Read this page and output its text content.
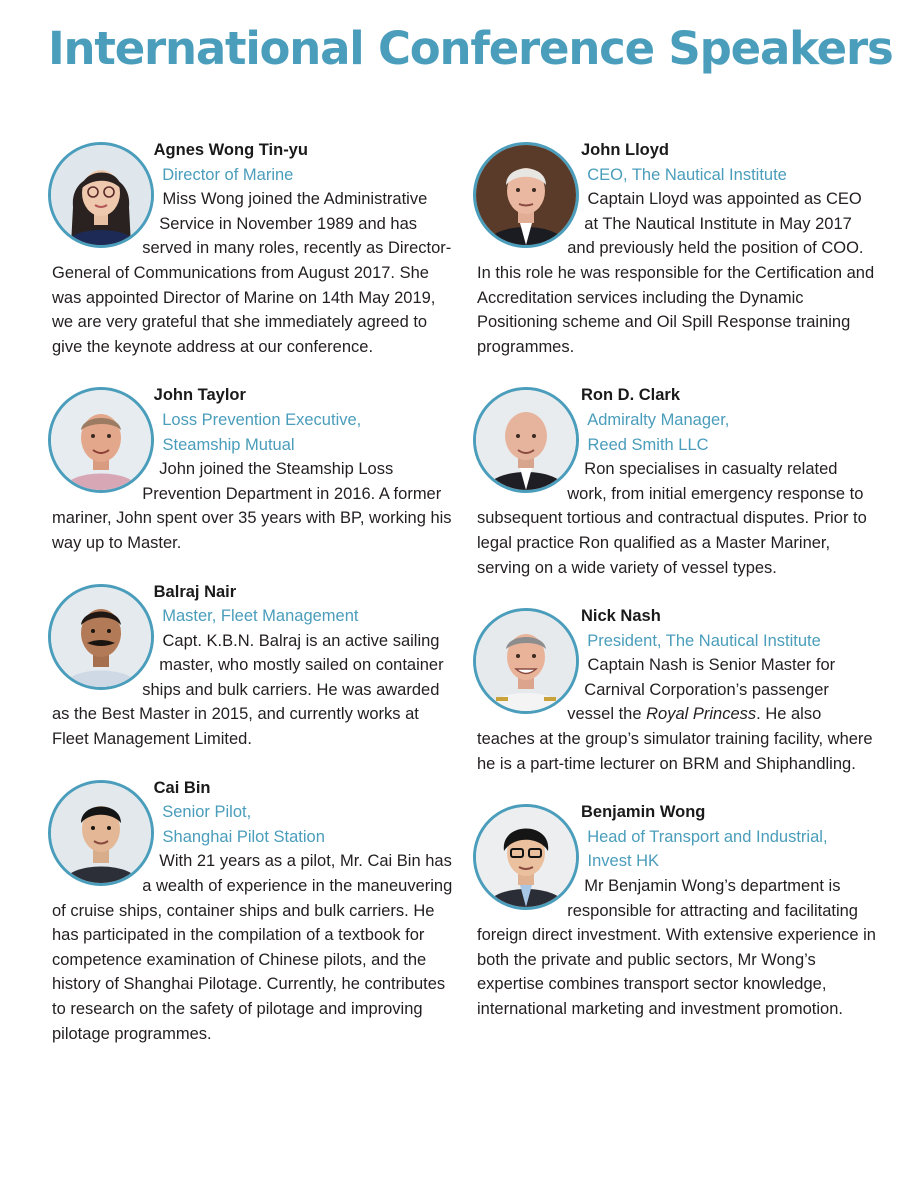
International Conference Speakers

Agnes Wong Tin-yu

Director of Marine

Miss Wong joined the Administrative Service in November 1989 and has served in many roles, recently as Director-General of Communications from August 2017. She was appointed Director of Marine on 14th May 2019, we are very grateful that she immediately agreed to give the keynote address at our conference.

John Taylor

Loss Prevention Executive,

Steamship Mutual

John joined the Steamship Loss Prevention Department in 2016. A former mariner, John spent over 35 years with BP, working his way up to Master.

Balraj Nair

Master, Fleet Management

Capt. K.B.N. Balraj is an active sailing master, who mostly sailed on container ships and bulk carriers. He was awarded as the Best Master in 2015, and currently works at Fleet Management Limited.

Cai Bin

Senior Pilot,

Shanghai Pilot Station

With 21 years as a pilot, Mr. Cai Bin has a wealth of experience in the maneuvering of cruise ships, container ships and bulk carriers. He has participated in the compilation of a textbook for competence examination of Chinese pilots, and the history of Shanghai Pilotage. Currently, he contributes to research on the safety of pilotage and improving pilotage programmes.

John Lloyd

CEO, The Nautical Institute

Captain Lloyd was appointed as CEO at The Nautical Institute in May 2017 and previously held the position of COO. In this role he was responsible for the Certification and Accreditation services including the Dynamic Positioning scheme and Oil Spill Response training programmes.

Ron D. Clark

Admiralty Manager,

Reed Smith LLC

Ron specialises in casualty related work, from initial emergency response to subsequent tortious and contractual disputes. Prior to legal practice Ron qualified as a Master Mariner, serving on a wide variety of vessel types.

Nick Nash

President, The Nautical Institute

Captain Nash is Senior Master for Carnival Corporation’s passenger vessel the Royal Princess. He also teaches at the group’s simulator training facility, where he is a part-time lecturer on BRM and Shiphandling.

Benjamin Wong

Head of Transport and Industrial,

Invest HK

Mr Benjamin Wong’s department is responsible for attracting and facilitating foreign direct investment. With extensive experience in both the private and public sectors, Mr Wong’s expertise combines transport sector knowledge, international marketing and investment promotion.
